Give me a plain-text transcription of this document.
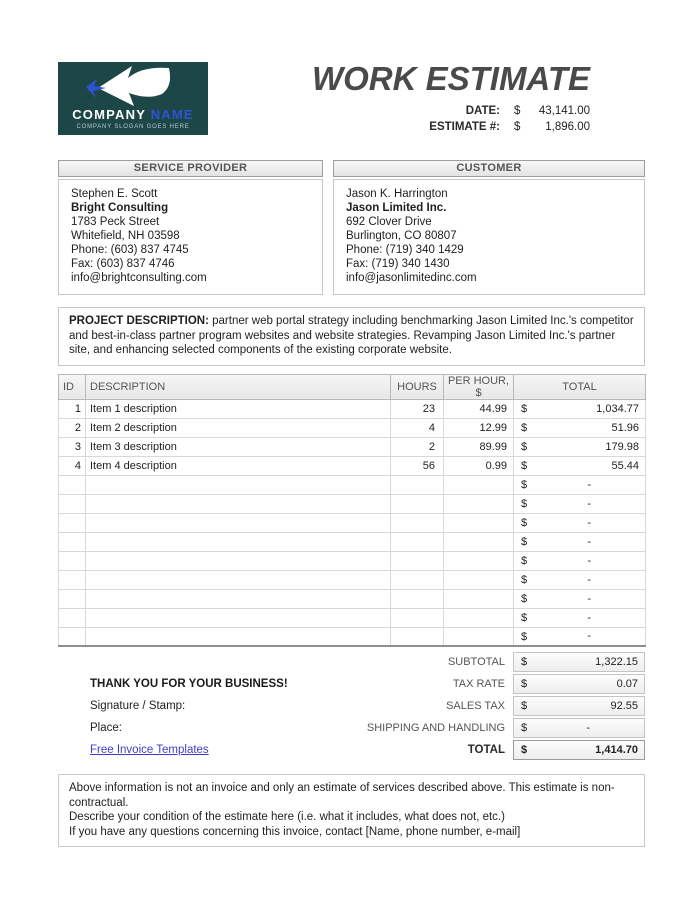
COMPANY NAME
COMPANY SLOGAN GOES HERE
WORK ESTIMATE
DATE: $	43,141.00
ESTIMATE #: $	1,896.00
SERVICE PROVIDER
Stephen E. Scott
Bright Consulting
1783 Peck Street
Whitefield, NH 03598
Phone: (603) 837 4745
Fax: (603) 837 4746
info@brightconsulting.com
CUSTOMER
Jason K. Harrington
Jason Limited Inc.
692 Clover Drive
Burlington, CO 80807
Phone: (719) 340 1429
Fax: (719) 340 1430
info@jasonlimitedinc.com
PROJECT DESCRIPTION: partner web portal strategy including benchmarking Jason Limited Inc.'s competitor and best-in-class partner program websites and website strategies. Revamping Jason Limited Inc.'s partner site, and enhancing selected components of the existing corporate website.
ID	DESCRIPTION	HOURS	PER HOUR, $	TOTAL
1	Item 1 description	23	44.99	$ 1,034.77
2	Item 2 description	4	12.99	$ 51.96
3	Item 3 description	2	89.99	$ 179.98
4	Item 4 description	56	0.99	$ 55.44

				$ -

				$ -

				$ -

				$ -

				$ -

				$ -

				$ -

				$ -

				$ -
SUBTOTAL	$	1,322.15
THANK YOU FOR YOUR BUSINESS!	TAX RATE	$	0.07
Signature / Stamp:	SALES TAX	$	92.55
Place:	SHIPPING AND HANDLING	$	-
Free Invoice Templates	TOTAL	$	1,414.70
Above information is not an invoice and only an estimate of services described above. This estimate is non-contractual.
Describe your condition of the estimate here (i.e. what it includes, what does not, etc.)
If you have any questions concerning this invoice, contact [Name, phone number, e-mail]
